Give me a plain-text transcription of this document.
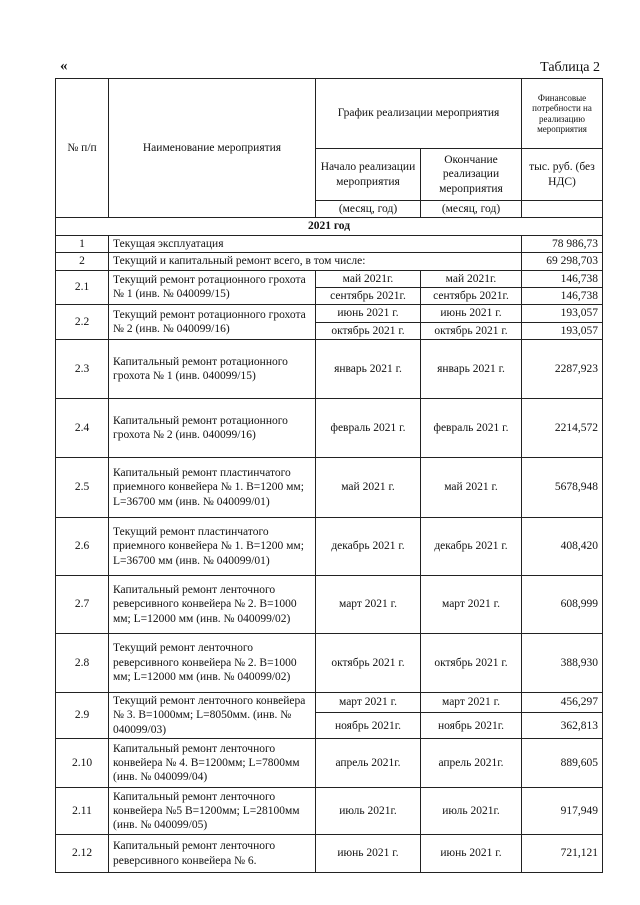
«	Таблица 2
№ п/п	Наименование мероприятия	График реализации мероприятия		Финансовые потребности на реализацию мероприятия
		Начало реализации мероприятия	Окончание реализации мероприятия	тыс. руб. (без НДС)
		(месяц, год)	(месяц, год)	
2021 год				
1	Текущая эксплуатация			78 986,73
2	Текущий и капитальный ремонт всего, в том числе:			69 298,703
2.1	Текущий ремонт ротационного грохота № 1 (инв. № 040099/15)	май 2021г.	май 2021г.	146,738
		сентябрь 2021г.	сентябрь 2021г.	146,738
2.2	Текущий ремонт ротационного грохота № 2 (инв. № 040099/16)	июнь 2021 г.	июнь 2021 г.	193,057
		октябрь 2021 г.	октябрь 2021 г.	193,057
2.3	Капитальный ремонт ротационного грохота № 1 (инв. 040099/15)	январь 2021 г.	январь 2021 г.	2287,923
2.4	Капитальный ремонт ротационного грохота № 2 (инв. 040099/16)	февраль 2021 г.	февраль 2021 г.	2214,572
2.5	Капитальный ремонт пластинчатого приемного конвейера № 1. B=1200 мм; L=36700 мм (инв. № 040099/01)	май 2021 г.	май 2021 г.	5678,948
2.6	Текущий ремонт пластинчатого приемного конвейера № 1. B=1200 мм; L=36700 мм (инв. № 040099/01)	декабрь 2021 г.	декабрь 2021 г.	408,420
2.7	Капитальный ремонт ленточного реверсивного конвейера № 2. B=1000 мм; L=12000 мм (инв. № 040099/02)	март 2021 г.	март 2021 г.	608,999
2.8	Текущий ремонт ленточного реверсивного конвейера № 2. B=1000 мм; L=12000 мм (инв. № 040099/02)	октябрь 2021 г.	октябрь 2021 г.	388,930
2.9	Текущий ремонт ленточного конвейера № 3. B=1000мм; L=8050мм. (инв. № 040099/03)	март 2021 г.	март 2021 г.	456,297
		ноябрь 2021г.	ноябрь 2021г.	362,813
2.10	Капитальный ремонт ленточного конвейера № 4. B=1200мм; L=7800мм (инв. № 040099/04)	апрель 2021г.	апрель 2021г.	889,605
2.11	Капитальный ремонт ленточного конвейера №5 B=1200мм; L=28100мм (инв. № 040099/05)	июль 2021г.	июль 2021г.	917,949
2.12	Капитальный ремонт ленточного реверсивного конвейера № 6.	июнь 2021 г.	июнь 2021 г.	721,121
